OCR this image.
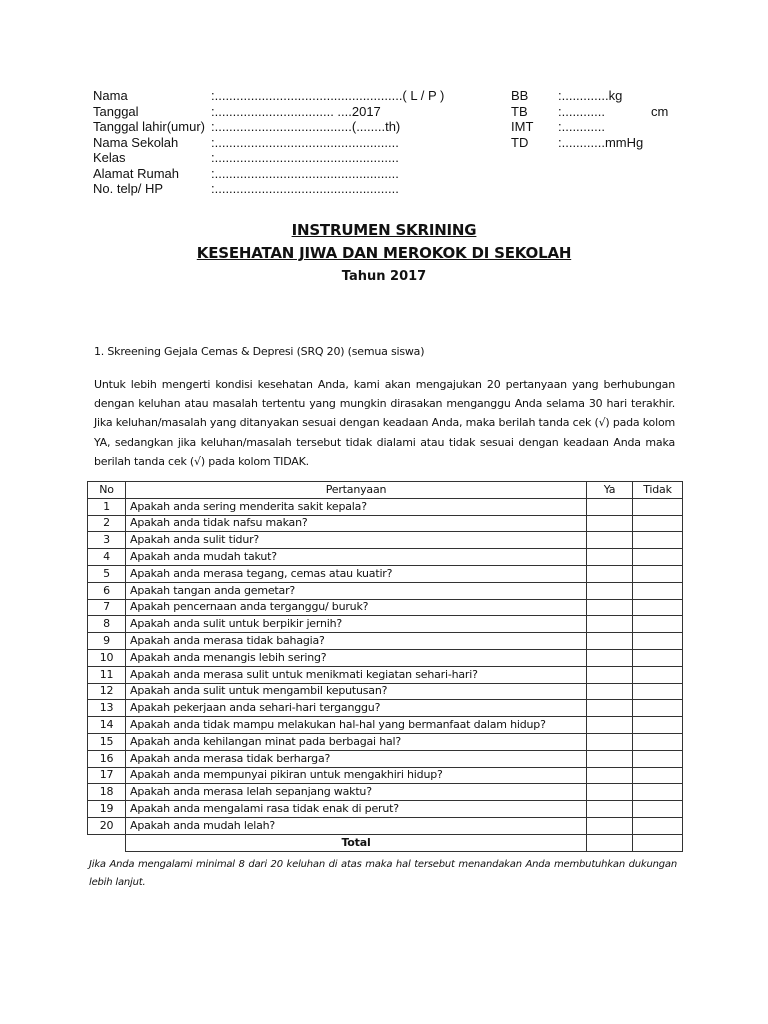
Nama	:....................................................( L / P )
Tanggal	:................................. ....2017
Tanggal lahir(umur) :......................................(........th)
Nama Sekolah	:...................................................
Kelas	:...................................................
Alamat Rumah	:...................................................
No. telp/ HP	:...................................................
BB	:.............kg
TB	:............	cm
IMT	:............
TD	:............mmHg
INSTRUMEN SKRINING
KESEHATAN JIWA DAN MEROKOK DI SEKOLAH
Tahun 2017
1. Skreening Gejala Cemas & Depresi (SRQ 20) (semua siswa)
Untuk lebih mengerti kondisi kesehatan Anda, kami akan mengajukan 20 pertanyaan yang berhubungan dengan keluhan atau masalah tertentu yang mungkin dirasakan menganggu Anda selama 30 hari terakhir. Jika keluhan/masalah yang ditanyakan sesuai dengan keadaan Anda, maka berilah tanda cek (√) pada kolom YA, sedangkan jika keluhan/masalah tersebut tidak dialami atau tidak sesuai dengan keadaan Anda maka berilah tanda cek (√) pada kolom TIDAK.
No	Pertanyaan	Ya	Tidak
1	Apakah anda sering menderita sakit kepala?		
2	Apakah anda tidak nafsu makan?		
3	Apakah anda sulit tidur?		
4	Apakah anda mudah takut?		
5	Apakah anda merasa tegang, cemas atau kuatir?		
6	Apakah tangan anda gemetar?		
7	Apakah pencernaan anda terganggu/ buruk?		
8	Apakah anda sulit untuk berpikir jernih?		
9	Apakah anda merasa tidak bahagia?		
10	Apakah anda menangis lebih sering?		
11	Apakah anda merasa sulit untuk menikmati kegiatan sehari-hari?		
12	Apakah anda sulit untuk mengambil keputusan?		
13	Apakah pekerjaan anda sehari-hari terganggu?		
14	Apakah anda tidak mampu melakukan hal-hal yang bermanfaat dalam hidup?		
15	Apakah anda kehilangan minat pada berbagai hal?		
16	Apakah anda merasa tidak berharga?		
17	Apakah anda mempunyai pikiran untuk mengakhiri hidup?		
18	Apakah anda merasa lelah sepanjang waktu?		
19	Apakah anda mengalami rasa tidak enak di perut?		
20	Apakah anda mudah lelah?		
	Total		
Jika Anda mengalami minimal 8 dari 20 keluhan di atas maka hal tersebut menandakan Anda membutuhkan dukungan lebih lanjut.
